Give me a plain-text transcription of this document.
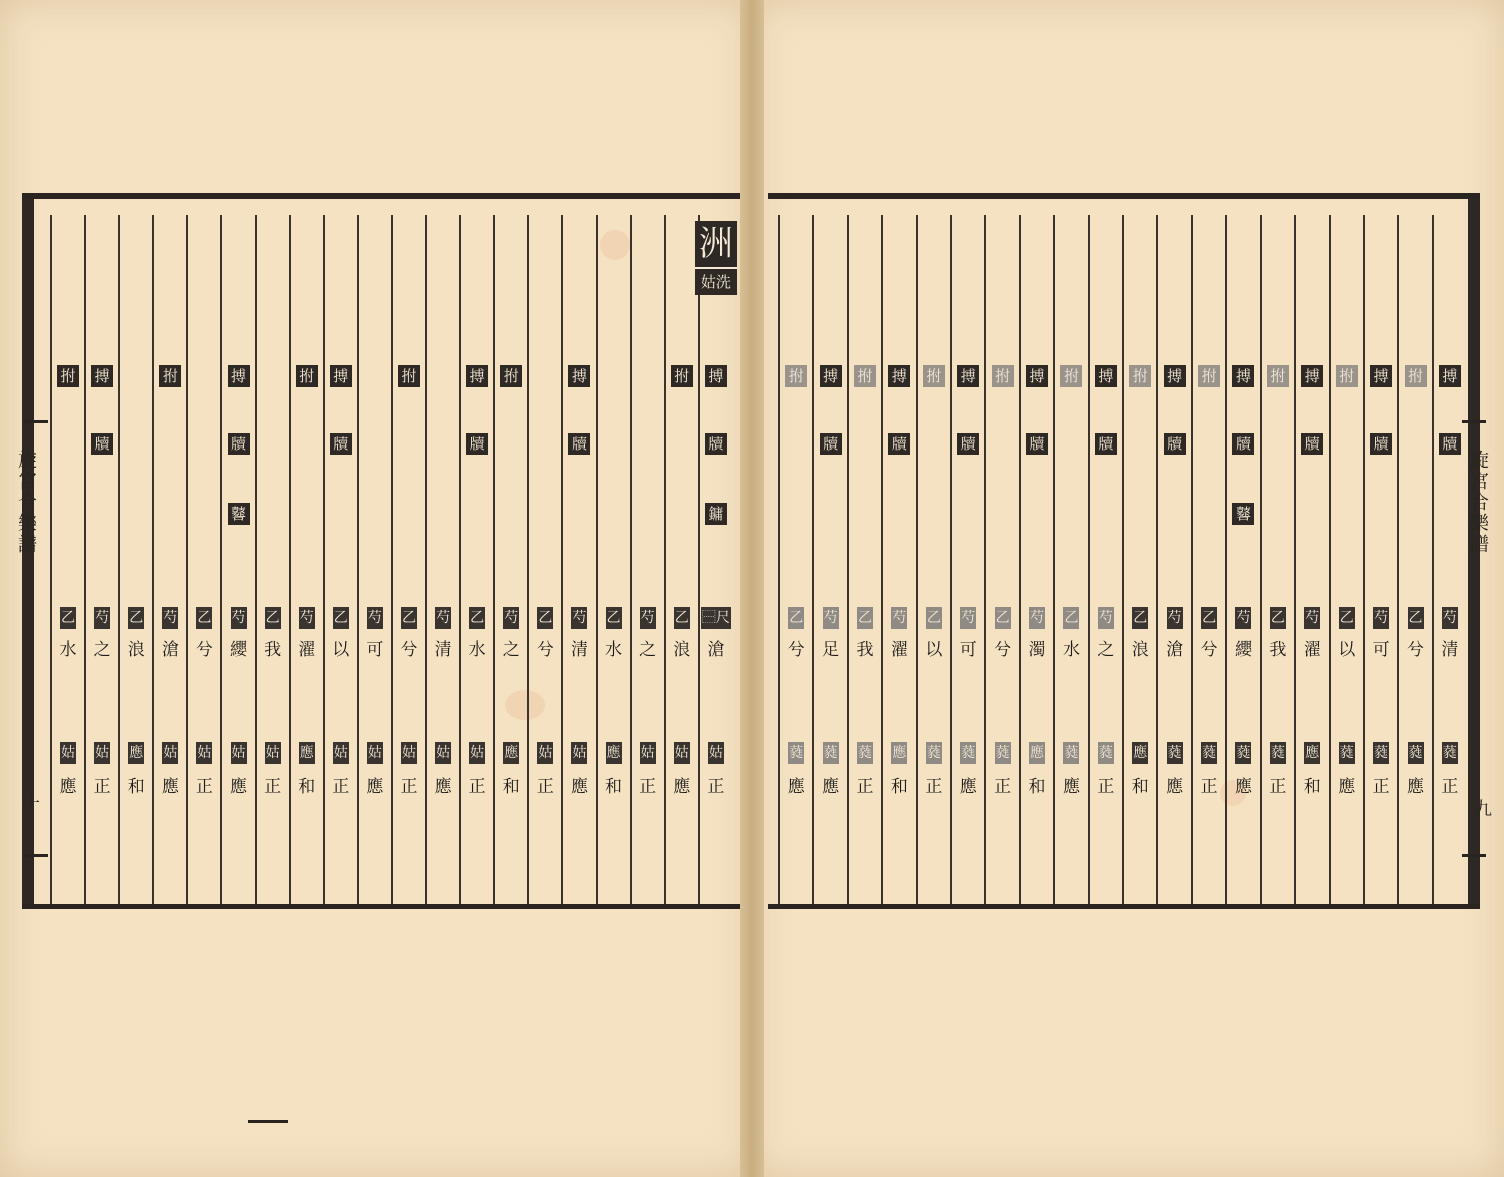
拊
乙
水
姑
應
搏
牘
芍
之
姑
正
乙
浪
應
和
拊
芍
滄
姑
應
乙
兮
姑
正
搏
牘
鼛
芍
纓
姑
應
乙
我
姑
正
拊
芍
濯
應
和
搏
牘
乙
以
姑
正
芍
可
姑
應
拊
乙
兮
姑
正
芍
清
姑
應
搏
牘
乙
水
姑
正
拊
芍
之
應
和
乙
兮
姑
正
搏
牘
芍
清
姑
應
乙
水
應
和
芍
之
姑
正
拊
乙
浪
姑
應
搏
牘
鏞
⿱尺
滄
姑
正
洲
姑洗
旋宮合樂譜
十
拊
乙
兮
蕤
應
搏
牘
芍
足
蕤
應
拊
乙
我
蕤
正
搏
牘
芍
濯
應
和
拊
乙
以
蕤
正
搏
牘
芍
可
蕤
應
拊
乙
兮
蕤
正
搏
牘
芍
濁
應
和
拊
乙
水
蕤
應
搏
牘
芍
之
蕤
正
拊
乙
浪
應
和
搏
牘
芍
滄
蕤
應
拊
乙
兮
蕤
正
搏
牘
鼛
芍
纓
蕤
應
拊
乙
我
蕤
正
搏
牘
芍
濯
應
和
拊
乙
以
蕤
應
搏
牘
芍
可
蕤
正
拊
乙
兮
蕤
應
搏
牘
芍
清
蕤
正
旋宮合樂譜
九
